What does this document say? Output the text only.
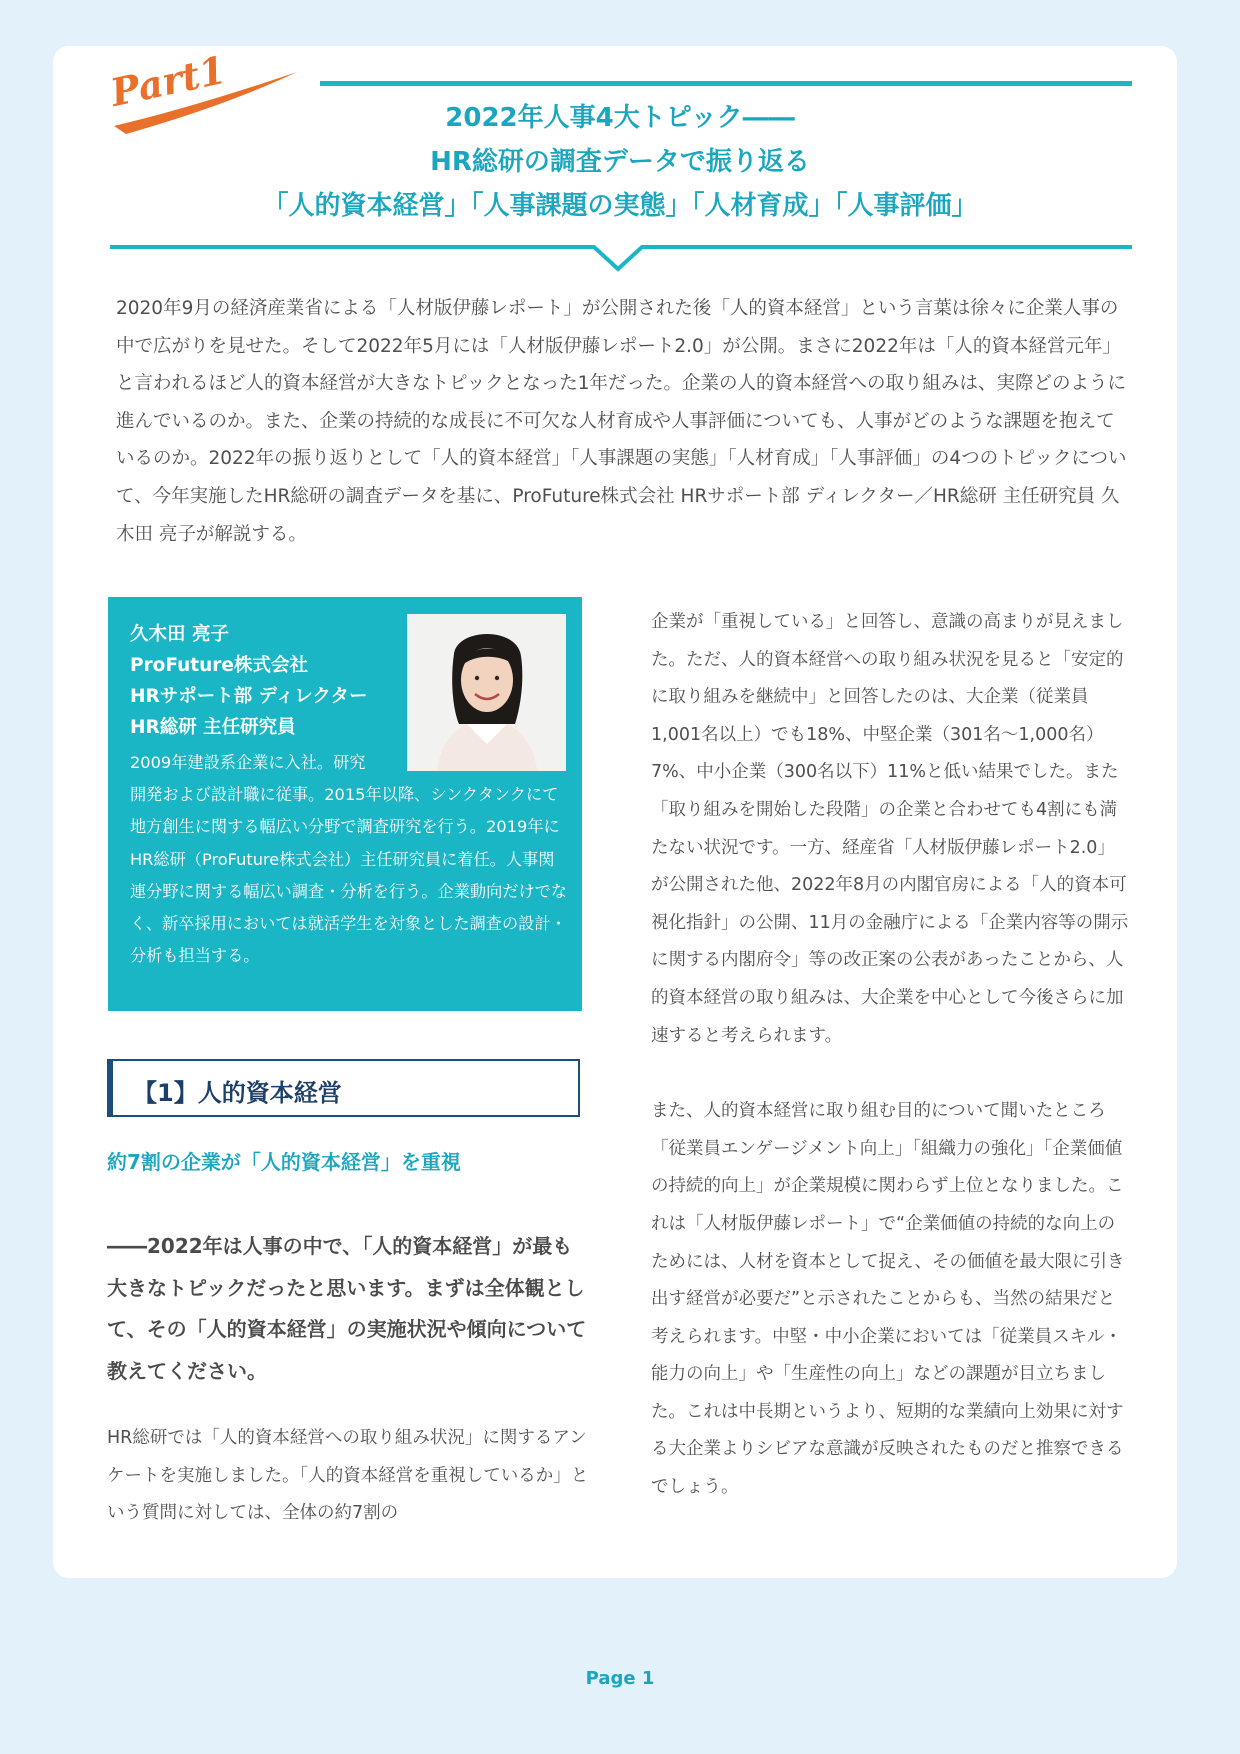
Part1
2022年人事4大トピック――
HR総研の調査データで振り返る
「人的資本経営」「人事課題の実態」「人材育成」「人事評価」
2020年9月の経済産業省による「人材版伊藤レポート」が公開された後「人的資本経営」という言葉は徐々に企業人事の中で広がりを見せた。そして2022年5月には「人材版伊藤レポート2.0」が公開。まさに2022年は「人的資本経営元年」と言われるほど人的資本経営が大きなトピックとなった1年だった。企業の人的資本経営への取り組みは、実際どのように進んでいるのか。また、企業の持続的な成長に不可欠な人材育成や人事評価についても、人事がどのような課題を抱えているのか。2022年の振り返りとして「人的資本経営」「人事課題の実態」「人材育成」「人事評価」の4つのトピックについて、今年実施したHR総研の調査データを基に、ProFuture株式会社 HRサポート部 ディレクター／HR総研 主任研究員 久木田 亮子が解説する。
久木田 亮子
ProFuture株式会社
HRサポート部 ディレクター
HR総研 主任研究員
2009年建設系企業に入社。研究
開発および設計職に従事。2015年以降、シンクタンクにて地方創生に関する幅広い分野で調査研究を行う。2019年にHR総研（ProFuture株式会社）主任研究員に着任。人事関連分野に関する幅広い調査・分析を行う。企業動向だけでなく、新卒採用においては就活学生を対象とした調査の設計・分析も担当する。
【1】人的資本経営
約7割の企業が「人的資本経営」を重視
――2022年は人事の中で、「人的資本経営」が最も大きなトピックだったと思います。まずは全体観として、その「人的資本経営」の実施状況や傾向について教えてください。
HR総研では「人的資本経営への取り組み状況」に関するアンケートを実施しました。「人的資本経営を重視しているか」という質問に対しては、全体の約7割の

企業が「重視している」と回答し、意識の高まりが見えました。ただ、人的資本経営への取り組み状況を見ると「安定的に取り組みを継続中」と回答したのは、大企業（従業員1,001名以上）でも18%、中堅企業（301名～1,000名）7%、中小企業（300名以下）11%と低い結果でした。また「取り組みを開始した段階」の企業と合わせても4割にも満たない状況です。一方、経産省「人材版伊藤レポート2.0」が公開された他、2022年8月の内閣官房による「人的資本可視化指針」の公開、11月の金融庁による「企業内容等の開示に関する内閣府令」等の改正案の公表があったことから、人的資本経営の取り組みは、大企業を中心として今後さらに加速すると考えられます。

また、人的資本経営に取り組む目的について聞いたところ「従業員エンゲージメント向上」「組織力の強化」「企業価値の持続的向上」が企業規模に関わらず上位となりました。これは「人材版伊藤レポート」で“企業価値の持続的な向上のためには、人材を資本として捉え、その価値を最大限に引き出す経営が必要だ”と示されたことからも、当然の結果だと考えられます。中堅・中小企業においては「従業員スキル・能力の向上」や「生産性の向上」などの課題が目立ちました。これは中長期というより、短期的な業績向上効果に対する大企業よりシビアな意識が反映されたものだと推察できるでしょう。

Page 1
